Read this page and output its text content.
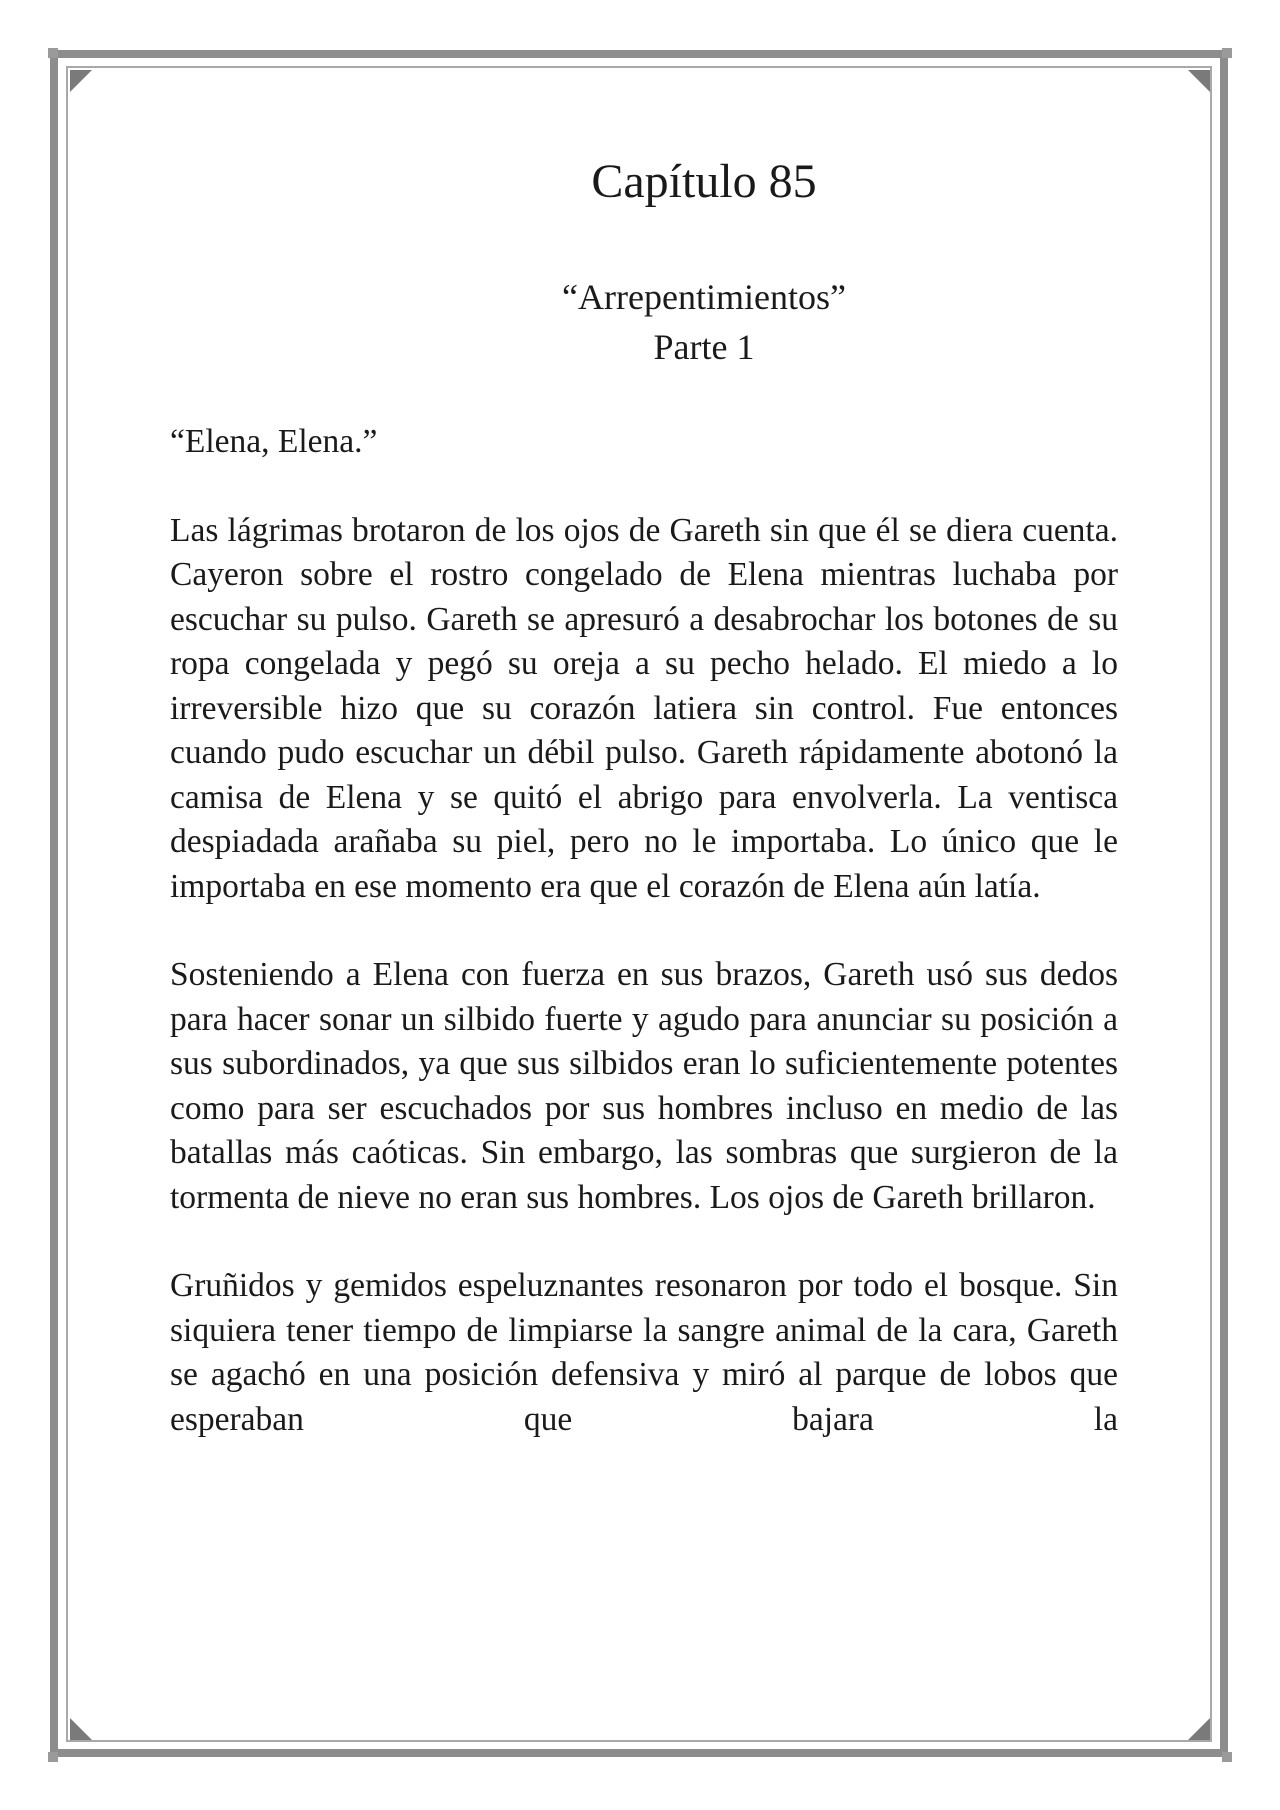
Capítulo 85
“Arrepentimientos”
Parte 1

“Elena, Elena.”

Las lágrimas brotaron de los ojos de Gareth sin que él se diera cuenta. Cayeron sobre el rostro congelado de Elena mientras luchaba por escuchar su pulso. Gareth se apresuró a desabrochar los botones de su ropa congelada y pegó su oreja a su pecho helado. El miedo a lo irreversible hizo que su corazón latiera sin control. Fue entonces cuando pudo escuchar un débil pulso. Gareth rápidamente abotonó la camisa de Elena y se quitó el abrigo para envolverla. La ventisca despiadada arañaba su piel, pero no le importaba. Lo único que le importaba en ese momento era que el corazón de Elena aún latía.

Sosteniendo a Elena con fuerza en sus brazos, Gareth usó sus dedos para hacer sonar un silbido fuerte y agudo para anunciar su posición a sus subordinados, ya que sus silbidos eran lo suficientemente potentes como para ser escuchados por sus hombres incluso en medio de las batallas más caóticas. Sin embargo, las sombras que surgieron de la tormenta de nieve no eran sus hombres. Los ojos de Gareth brillaron.

Gruñidos y gemidos espeluznantes resonaron por todo el bosque. Sin siquiera tener tiempo de limpiarse la sangre animal de la cara, Gareth se agachó en una posición defensiva y miró al parque de lobos que esperaban que bajara la
